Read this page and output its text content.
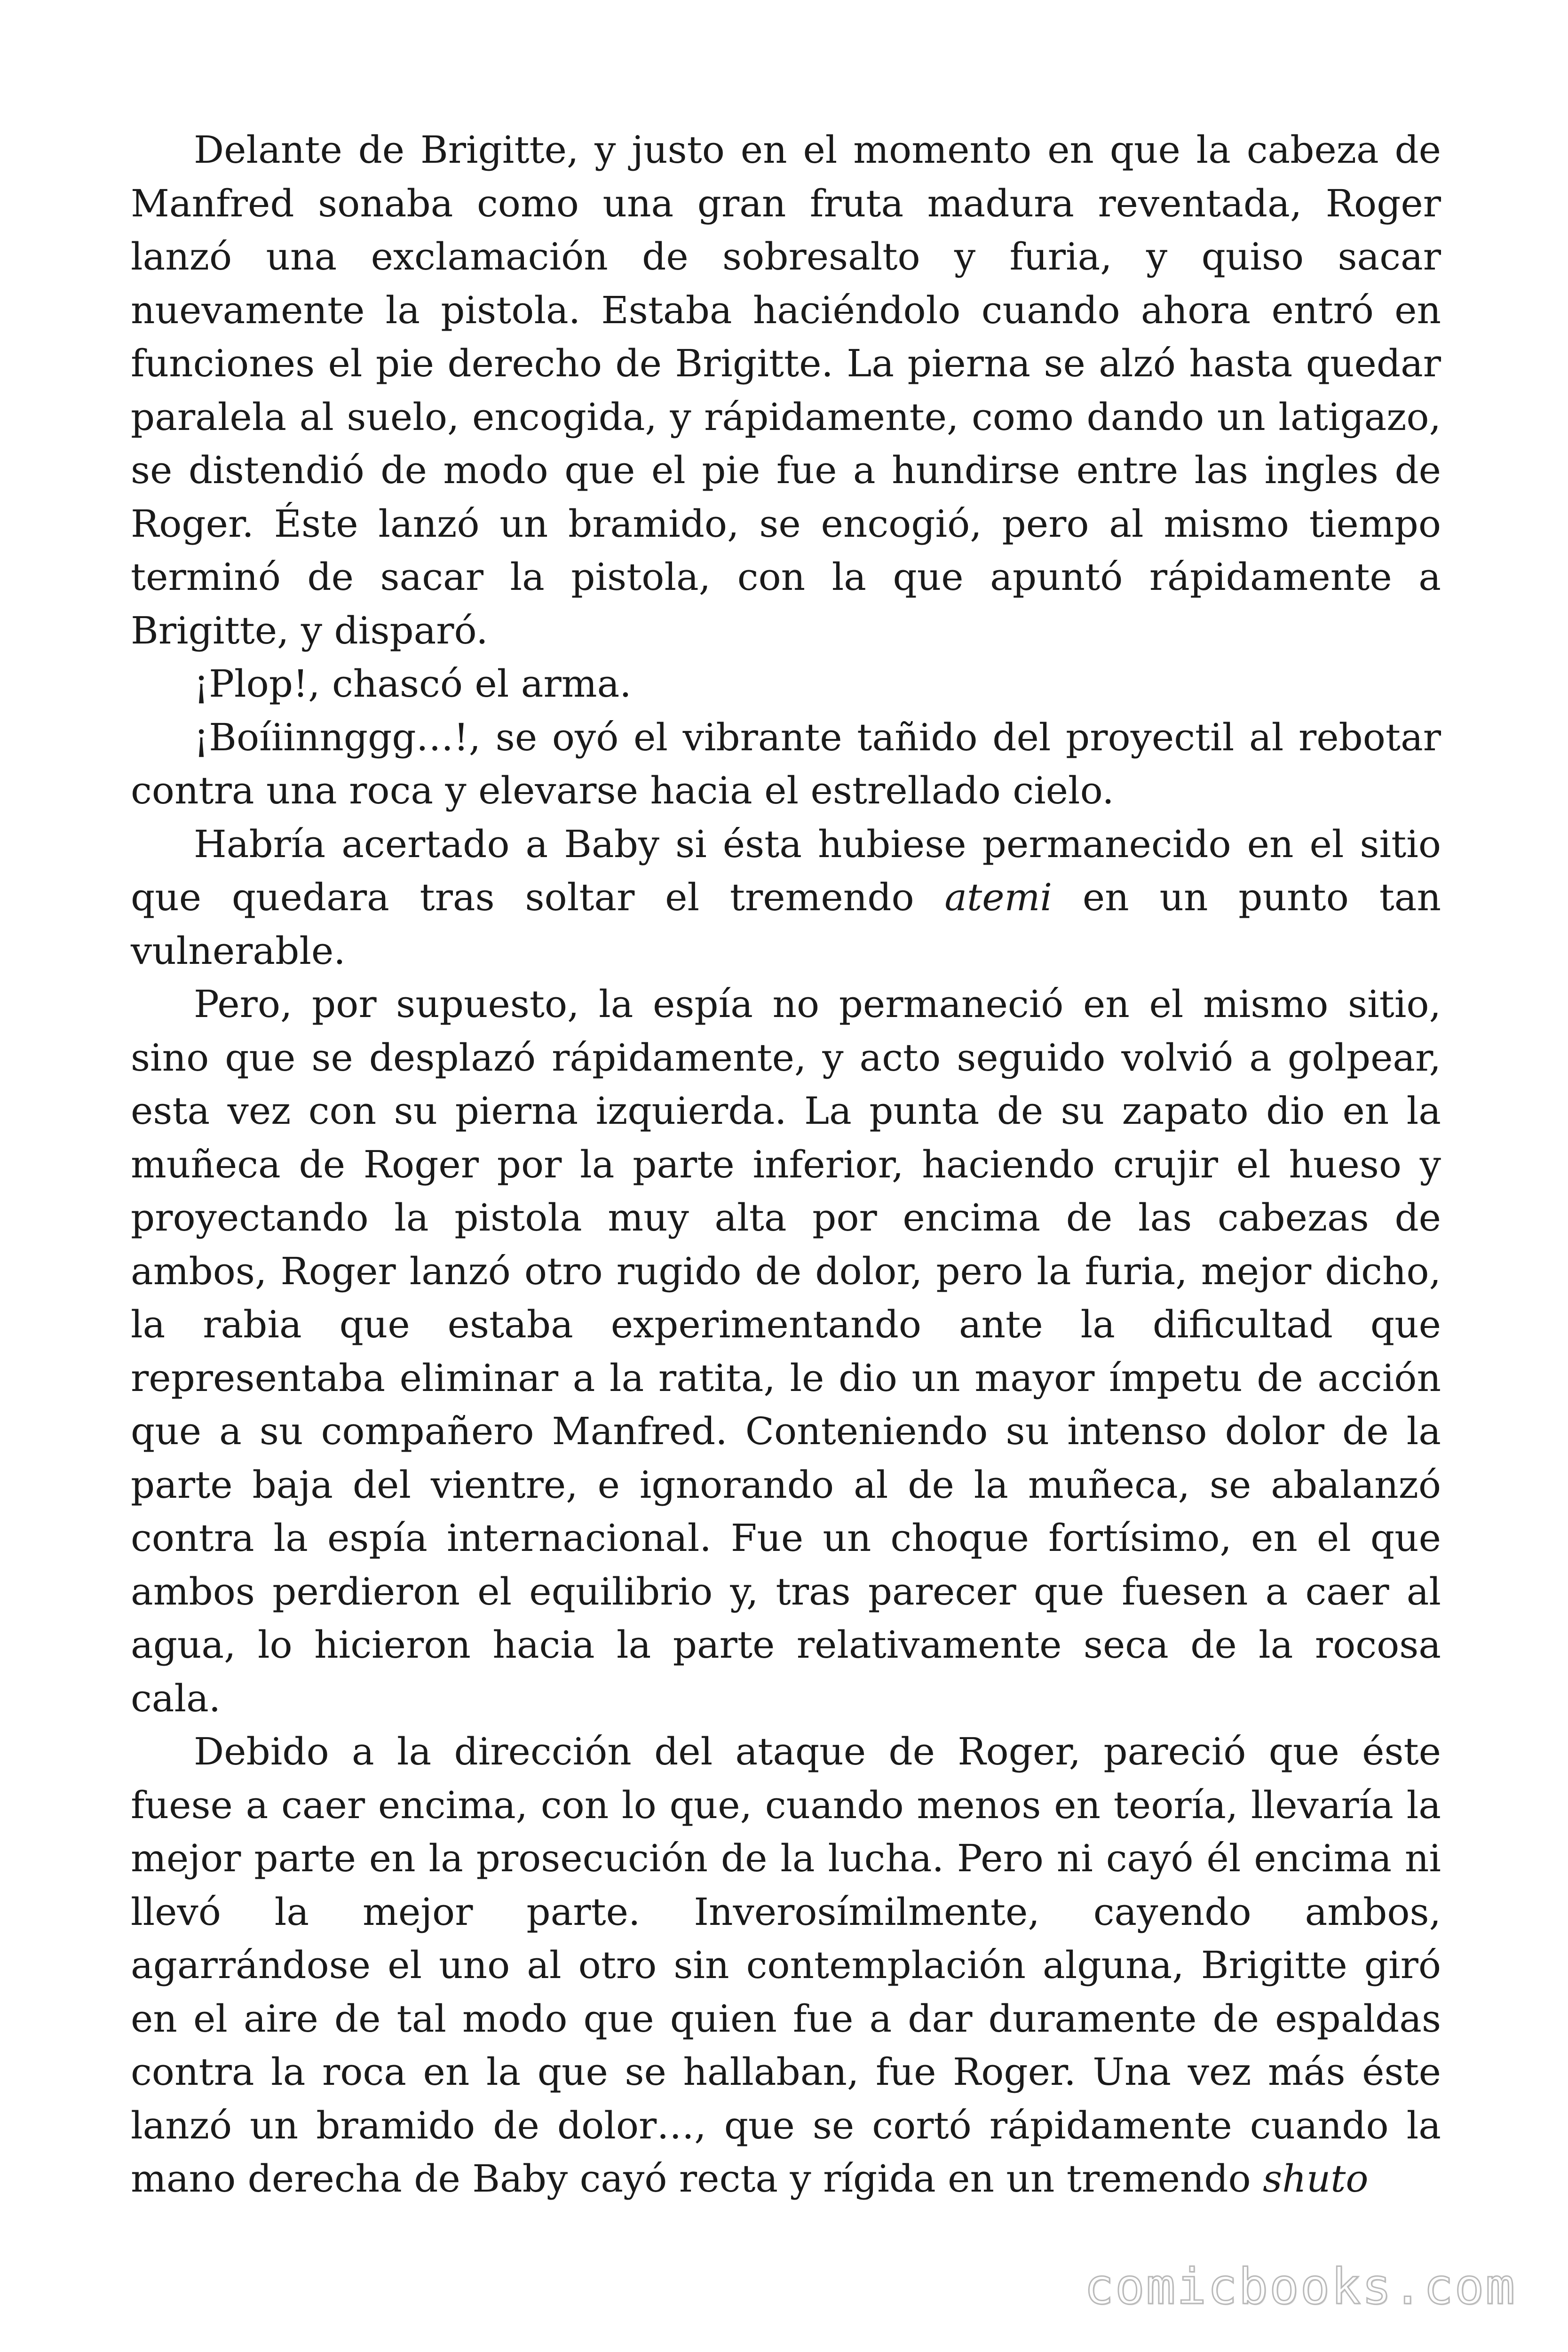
Delante de Brigitte, y justo en el momento en que la cabeza de Manfred sonaba como una gran fruta madura reventada, Roger lanzó una exclamación de sobresalto y furia, y quiso sacar nuevamente la pistola. Estaba haciéndolo cuando ahora entró en funciones el pie derecho de Brigitte. La pierna se alzó hasta quedar paralela al suelo, encogida, y rápidamente, como dando un latigazo, se distendió de modo que el pie fue a hundirse entre las ingles de Roger. Éste lanzó un bramido, se encogió, pero al mismo tiempo terminó de sacar la pistola, con la que apuntó rápidamente a Brigitte, y disparó.

¡Plop!, chascó el arma.

¡Boíiinnggg…!, se oyó el vibrante tañido del proyectil al rebotar contra una roca y elevarse hacia el estrellado cielo.

Habría acertado a Baby si ésta hubiese permanecido en el sitio que quedara tras soltar el tremendo atemi en un punto tan vulnerable.

Pero, por supuesto, la espía no permaneció en el mismo sitio, sino que se desplazó rápidamente, y acto seguido volvió a golpear, esta vez con su pierna izquierda. La punta de su zapato dio en la muñeca de Roger por la parte inferior, haciendo crujir el hueso y proyectando la pistola muy alta por encima de las cabezas de ambos, Roger lanzó otro rugido de dolor, pero la furia, mejor dicho, la rabia que estaba experimentando ante la dificultad que representaba eliminar a la ratita, le dio un mayor ímpetu de acción que a su compañero Manfred. Conteniendo su intenso dolor de la parte baja del vientre, e ignorando al de la muñeca, se abalanzó contra la espía internacional. Fue un choque fortísimo, en el que ambos perdieron el equilibrio y, tras parecer que fuesen a caer al agua, lo hicieron hacia la parte relativamente seca de la rocosa cala.

Debido a la dirección del ataque de Roger, pareció que éste fuese a caer encima, con lo que, cuando menos en teoría, llevaría la mejor parte en la prosecución de la lucha. Pero ni cayó él encima ni llevó la mejor parte. Inverosímilmente, cayendo ambos, agarrándose el uno al otro sin contemplación alguna, Brigitte giró en el aire de tal modo que quien fue a dar duramente de espaldas contra la roca en la que se hallaban, fue Roger. Una vez más éste lanzó un bramido de dolor…, que se cortó rápidamente cuando la mano derecha de Baby cayó recta y rígida en un tremendo shuto

comicbooks.com
